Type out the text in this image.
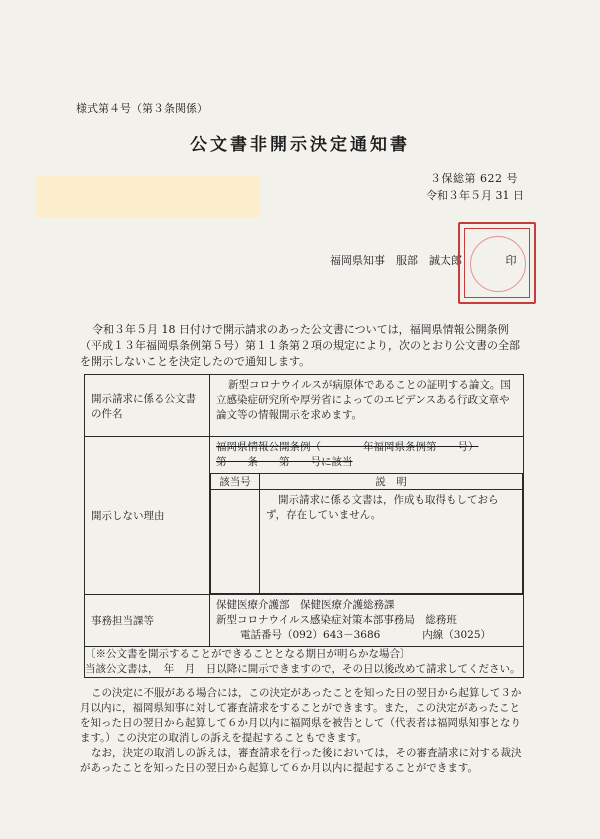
様式第４号（第３条関係）
公文書非開示決定通知書
３保総第 622 号
令和３年５月 31 日
福岡県知事　服部　誠太郎	印
令和３年５月 18 日付けで開示請求のあった公文書については，福岡県情報公開条例（平成１３年福岡県条例第５号）第１１条第２項の規定により，次のとおり公文書の全部を開示しないことを決定したので通知します。
開示請求に係る公文書の件名	
新型コロナウイルスが病原体であることの証明する論文。国立感染症研究所や厚労省によってのエビデンスある行政文章や論文等の情報開示を求めます。

開示しない理由	
福岡県情報公開条例（　　　　年福岡県条例第　　号）
第　　条　　第　　号に該当
該当号	説　明

開示請求に係る文書は，作成も取得もしておらず，存在していません。

事務担当課等	
保健医療介護部　保健医療介護総務課
新型コロナウイルス感染症対策本部事務局　総務班
電話番号（092）643－3686　　　　内線（3025）

〔※公文書を開示することができることとなる期日が明らかな場合〕
当該公文書は，　年　月　日以降に開示できますので，その日以後改めて請求してください。

この決定に不服がある場合には，この決定があったことを知った日の翌日から起算して３か月以内に，福岡県知事に対して審査請求をすることができます。また，この決定があったことを知った日の翌日から起算して６か月以内に福岡県を被告として（代表者は福岡県知事となります。）この決定の取消しの訴えを提起することもできます。

なお，決定の取消しの訴えは，審査請求を行った後においては，その審査請求に対する裁決があったことを知った日の翌日から起算して６か月以内に提起することができます。
